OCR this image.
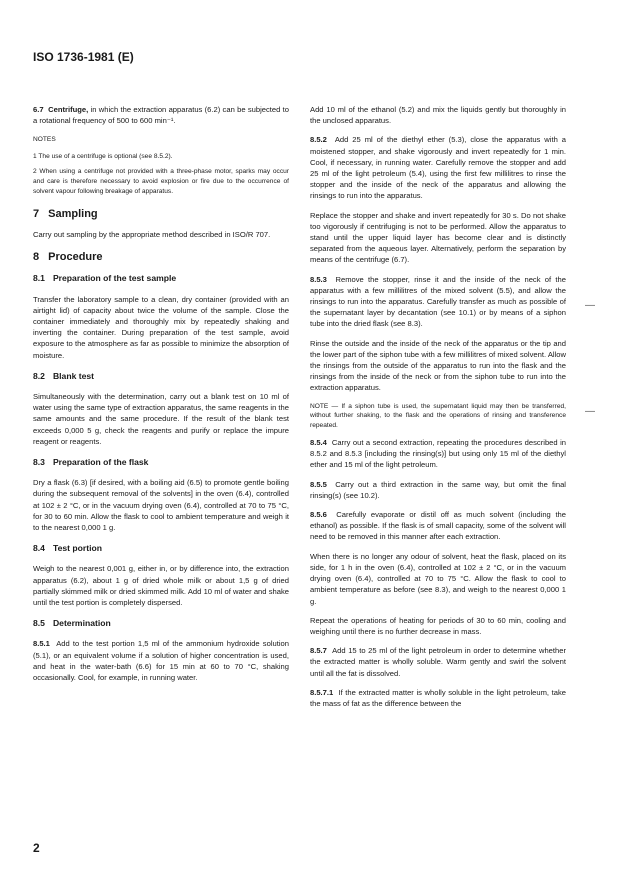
ISO 1736-1981 (E)

6.7 Centrifuge, in which the extraction apparatus (6.2) can be subjected to a rotational frequency of 500 to 600 min⁻¹.

NOTES

1 The use of a centrifuge is optional (see 8.5.2).

2 When using a centrifuge not provided with a three-phase motor, sparks may occur and care is therefore necessary to avoid explosion or fire due to the occurrence of solvent vapour following breakage of apparatus.

7 Sampling

Carry out sampling by the appropriate method described in ISO/R 707.

8 Procedure
8.1 Preparation of the test sample

Transfer the laboratory sample to a clean, dry container (provided with an airtight lid) of capacity about twice the volume of the sample. Close the container immediately and thoroughly mix by repeatedly shaking and inverting the container. During preparation of the test sample, avoid exposure to the atmosphere as far as possible to minimize the absorption of moisture.

8.2 Blank test

Simultaneously with the determination, carry out a blank test on 10 ml of water using the same type of extraction apparatus, the same reagents in the same amounts and the same procedure. If the result of the blank test exceeds 0,000 5 g, check the reagents and purify or replace the impure reagent or reagents.

8.3 Preparation of the flask

Dry a flask (6.3) [if desired, with a boiling aid (6.5) to promote gentle boiling during the subsequent removal of the solvents] in the oven (6.4), controlled at 102 ± 2 °C, or in the vacuum drying oven (6.4), controlled at 70 to 75 °C, for 30 to 60 min. Allow the flask to cool to ambient temperature and weigh it to the nearest 0,000 1 g.

8.4 Test portion

Weigh to the nearest 0,001 g, either in, or by difference into, the extraction apparatus (6.2), about 1 g of dried whole milk or about 1,5 g of dried partially skimmed milk or dried skimmed milk. Add 10 ml of water and shake until the test portion is completely dispersed.

8.5 Determination

8.5.1 Add to the test portion 1,5 ml of the ammonium hydroxide solution (5.1), or an equivalent volume if a solution of higher concentration is used, and heat in the water-bath (6.6) for 15 min at 60 to 70 °C, shaking occasionally. Cool, for example, in running water.

Add 10 ml of the ethanol (5.2) and mix the liquids gently but thoroughly in the unclosed apparatus.

8.5.2 Add 25 ml of the diethyl ether (5.3), close the apparatus with a moistened stopper, and shake vigorously and invert repeatedly for 1 min. Cool, if necessary, in running water. Carefully remove the stopper and add 25 ml of the light petroleum (5.4), using the first few millilitres to rinse the stopper and the inside of the neck of the apparatus and allowing the rinsings to run into the apparatus.

Replace the stopper and shake and invert repeatedly for 30 s. Do not shake too vigorously if centrifuging is not to be performed. Allow the apparatus to stand until the upper liquid layer has become clear and is distinctly separated from the aqueous layer. Alternatively, perform the separation by means of the centrifuge (6.7).

8.5.3 Remove the stopper, rinse it and the inside of the neck of the apparatus with a few millilitres of the mixed solvent (5.5), and allow the rinsings to run into the apparatus. Carefully transfer as much as possible of the supernatant layer by decantation (see 10.1) or by means of a siphon tube into the dried flask (see 8.3).

Rinse the outside and the inside of the neck of the apparatus or the tip and the lower part of the siphon tube with a few millilitres of mixed solvent. Allow the rinsings from the outside of the apparatus to run into the flask and the rinsings from the inside of the neck or from the siphon tube to run into the extraction apparatus.

NOTE — If a siphon tube is used, the supernatant liquid may then be transferred, without further shaking, to the flask and the operations of rinsing and transference repeated.

8.5.4 Carry out a second extraction, repeating the procedures described in 8.5.2 and 8.5.3 [including the rinsing(s)] but using only 15 ml of the diethyl ether and 15 ml of the light petroleum.

8.5.5 Carry out a third extraction in the same way, but omit the final rinsing(s) (see 10.2).

8.5.6 Carefully evaporate or distil off as much solvent (including the ethanol) as possible. If the flask is of small capacity, some of the solvent will need to be removed in this manner after each extraction.

When there is no longer any odour of solvent, heat the flask, placed on its side, for 1 h in the oven (6.4), controlled at 102 ± 2 °C, or in the vacuum drying oven (6.4), controlled at 70 to 75 °C. Allow the flask to cool to ambient temperature as before (see 8.3), and weigh to the nearest 0,000 1 g.

Repeat the operations of heating for periods of 30 to 60 min, cooling and weighing until there is no further decrease in mass.

8.5.7 Add 15 to 25 ml of the light petroleum in order to determine whether the extracted matter is wholly soluble. Warm gently and swirl the solvent until all the fat is dissolved.

8.5.7.1 If the extracted matter is wholly soluble in the light petroleum, take the mass of fat as the difference between the

—
—
2
